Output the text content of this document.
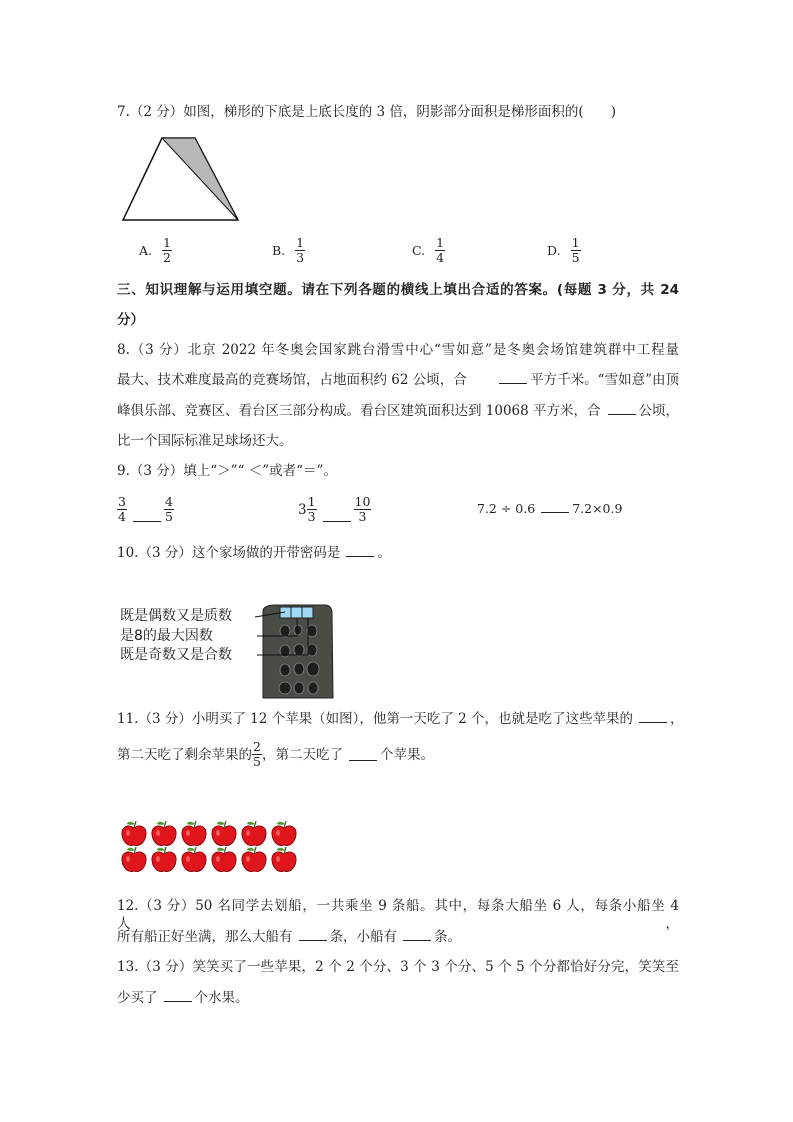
7.（2 分）如图，梯形的下底是上底长度的 3 倍，阴影部分面积是梯形面积的(　　)
A. $\frac{1}{2}$	B. $\frac{1}{3}$	C. $\frac{1}{4}$	D. $\frac{1}{5}$
三、知识理解与运用填空题。请在下列各题的横线上填出合适的答案。(每题 3 分，共 24
分）
8.（3 分）北京 2022 年冬奥会国家跳台滑雪中心“雪如意”是冬奥会场馆建筑群中工程量
最大、技术难度最高的竞赛场馆，占地面积约 62 公顷，合	平方千米。“雪如意”由顶
峰俱乐部、竞赛区、看台区三部分构成。看台区建筑面积达到 10068 平方米，合	公顷，
比一个国际标准足球场还大。
9.（3 分）填上“＞”“ ＜”或者“＝”。
$\frac{3}{4}$	$\frac{4}{5}$	$3 \frac{1}{3}$	$\frac{10}{3}$	7.2 ÷ 0.6	7.2×0.9
10.（3 分）这个家场做的开带密码是	。
既是偶数又是质数
是8的最大因数
既是奇数又是合数
11.（3 分）小明买了 12 个苹果（如图），他第一天吃了 2 个，也就是吃了这些苹果的	，
第二天吃了剩余苹果的 $\frac{2}{5}$ ，第二天吃了	个苹果。
12.（3 分）50 名同学去划船，一共乘坐 9 条船。其中，每条大船坐 6 人，每条小船坐 4 人，
所有船正好坐满，那么大船有	条，小船有	条。
13.（3 分）笑笑买了一些苹果，2 个 2 个分、3 个 3 个分、5 个 5 个分都恰好分完，笑笑至
少买了	个水果。
